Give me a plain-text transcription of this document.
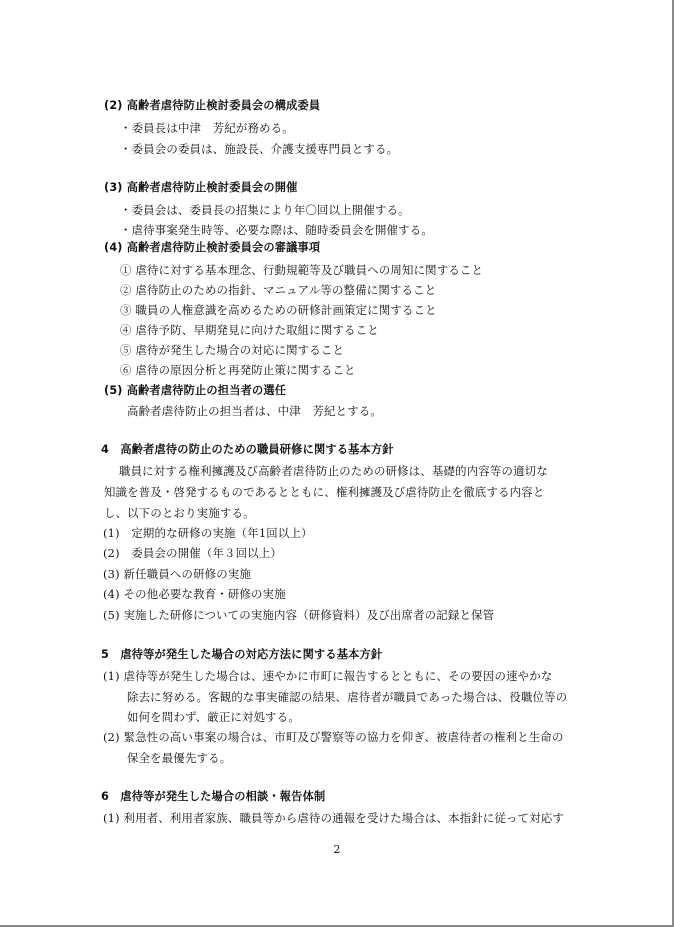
(2) 高齢者虐待防止検討委員会の構成委員
・委員長は中津　芳紀が務める。
・委員会の委員は、施設長、介護支援専門員とする。
(3) 高齢者虐待防止検討委員会の開催
・委員会は、委員長の招集により年〇回以上開催する。
・虐待事案発生時等、必要な際は、随時委員会を開催する。
(4) 高齢者虐待防止検討委員会の審議事項
① 虐待に対する基本理念、行動規範等及び職員への周知に関すること
② 虐待防止のための指針、マニュアル等の整備に関すること
③ 職員の人権意識を高めるための研修計画策定に関すること
④ 虐待予防、早期発見に向けた取組に関すること
⑤ 虐待が発生した場合の対応に関すること
⑥ 虐待の原因分析と再発防止策に関すること
(5) 高齢者虐待防止の担当者の選任
高齢者虐待防止の担当者は、中津　芳紀とする。
4　高齢者虐待の防止のための職員研修に関する基本方針
職員に対する権利擁護及び高齢者虐待防止のための研修は、基礎的内容等の適切な
知識を普及・啓発するものであるとともに、権利擁護及び虐待防止を徹底する内容と
し、以下のとおり実施する。
(1)　定期的な研修の実施（年1回以上）
(2)　委員会の開催（年３回以上）
(3) 新任職員への研修の実施
(4) その他必要な教育・研修の実施
(5) 実施した研修についての実施内容（研修資料）及び出席者の記録と保管
5　虐待等が発生した場合の対応方法に関する基本方針
(1) 虐待等が発生した場合は、速やかに市町に報告するとともに、その要因の速やかな
除去に努める。客観的な事実確認の結果、虐待者が職員であった場合は、役職位等の
如何を問わず、厳正に対処する。
(2) 緊急性の高い事案の場合は、市町及び警察等の協力を仰ぎ、被虐待者の権利と生命の
保全を最優先する。
6　虐待等が発生した場合の相談・報告体制
(1) 利用者、利用者家族、職員等から虐待の通報を受けた場合は、本指針に従って対応す
2
